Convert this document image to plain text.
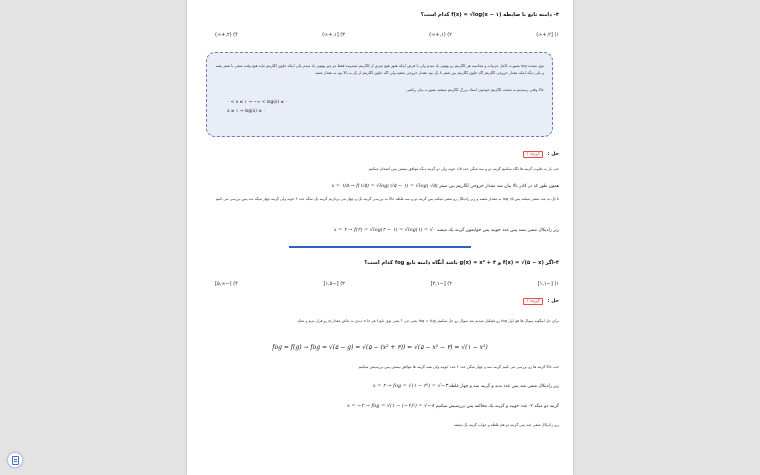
۳- دامنه تابع با ضابطه f(x) = √log(x − ۱) کدام است؟
۱) [۲,+∞)
۲) (۱,+∞)
۳) [۱,+∞)
۴) (۲,+∞)

نوی مبحث log بصورت کامل جزییات و محاسبه هر لگاریتم رو بهتون یاد میدم ولی با فرض اینکه هنوز هیچ چیزی از لگاریتم نمیدونید فقط دو چیز بهتون یاد میدم یکی اینکه جلوی لگاریتم نباید هیچ وقت منفی یا صفر بشه و یکی دیگه اینکه مقدار خروجی لگاریتم اگه جلوی لگاریتم بین صفر تا یک بود مقدار خروجی منفیه ولی اگه جلوی لگاریتم از یک به بالا بود به مقدار مثبته

حالا وقتی رسیدیم به مبحث لگاریتم خودتون استاد بزرگ لگاریتم میشید بصورت بیان ریاضی

۰ < x ≤ ۱ → −∞ < log(x) ≤ ۰
x ≥ ۱ → log(x) ≥ ۰
حل : گزینه ۱
خب باز به تفاوت گزینه ها نگاه میکنیم گزینه دو و سه میگن عدد ۱/۵ خوبه ولی دو گزینه دیگه موافق نیستن پس امتحان میکنیم
همون طور که در کادر بالا بیان شد مقدار خروجی لگاریتم بین صفر x = ۱/۵ → f(۱/۵) = √log(۱/۵ − ۱) = √log(۰/۵)
تا یک یه عدد منفی میشه پس log۰/۵ یه مقدار منفیه و زیر رادیکال رو منفی میکنه پس گزینه دو و سه غلطه حالا به بررسی گزینه یک و چهار می پردازیم گزینه یک میگه عدد ۲ خوبه ولی گزینه چهار میگه بده پس بررسی می کنیم
زیر رادیکال منفی نشد پس عدد خوبیه پس جوابمون گزینه یک میشه x = ۲ → f(۲) = √log(۲ − ۱) = √log(۱) = √۰
۴-اگر f(x) = √(۵ − x) و g(x) = x² + ۴ باشد آنگاه دامنه تابع fog کدام است؟
۱) [−۱,۱]
۲) [−۲,۱]
۳) [−۱,۵]
۴) (−∞,۵]
حل : گزینه ۱
برای حل اینگونه سوال ها هم اول fog رو تشکیل میدیم بعد سوال رو حل میکنیم fog = f(g) یعنی چی ؟ یعنی توی تابع f هر جا x دیدی به جاش مقدار g رو قرار بدیم و تمام
fog = f(g) → fog = √(۵ − g) = √(۵ − (x² + ۴)) = √(۵ − x² − ۴) = √(۱ − x²)
خب حالا گزینه ها رو بررسی می کنیم گزینه سه و چهار میگن عدد ۲ عدد خوبیه ولی بقیه گزینه ها موافق نیستن پس بررسیش میکنیم
زیر رادیکال منفی شد پس عدد بدیه و گزینه سه و چهار غلطه x = ۲ → fog = √(۱ − ۲²) = √−۳
گزینه دو میگه ۲- عدد خوبیه و گزینه یک مخالفه پس بررسیش میکنیم x = −۲ → fog = √(۱ − (−۲)²) = √−۸
زیر رادیکال منفی شد پس گزینه دو هم غلطه و جواب گزینه یک میشه
